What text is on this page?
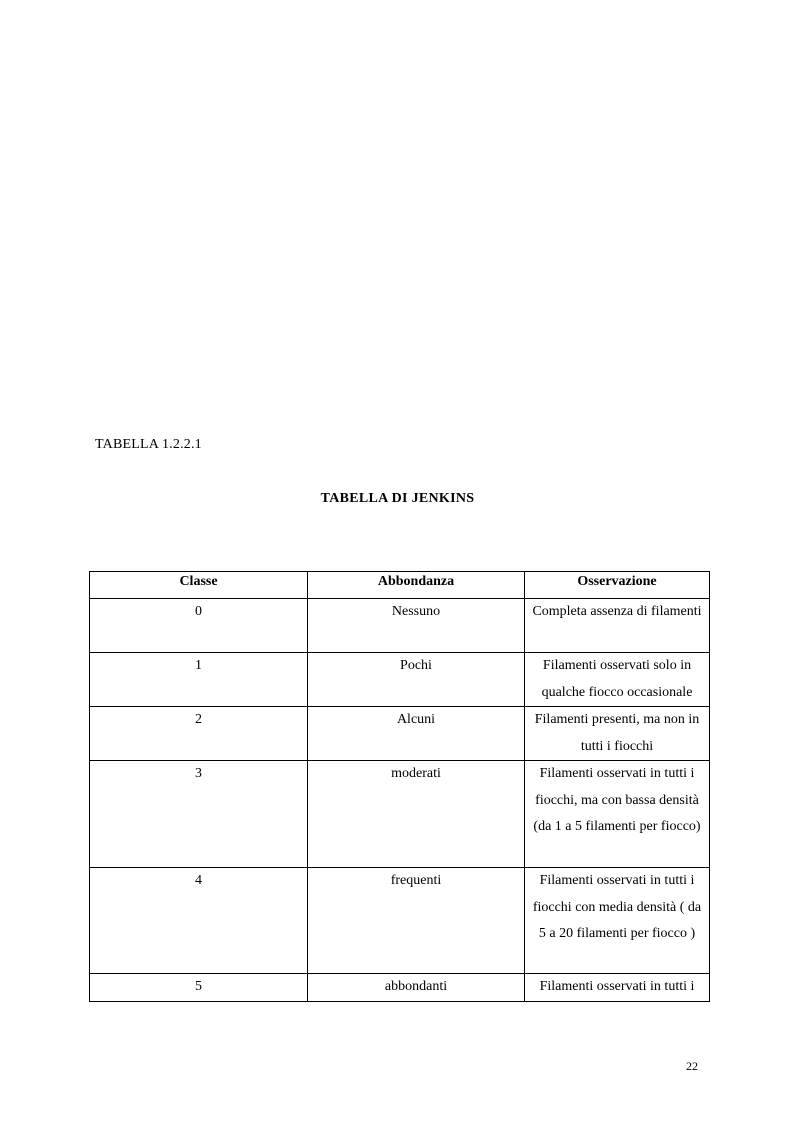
TABELLA 1.2.2.1
TABELLA DI JENKINS
Classe	Abbondanza	Osservazione
0	Nessuno	Completa assenza di filamenti
1	Pochi	Filamenti osservati solo in qualche fiocco occasionale
2	Alcuni	Filamenti presenti, ma non in tutti i fiocchi
3	moderati	Filamenti osservati in tutti i fiocchi, ma con bassa densità (da 1 a 5 filamenti per fiocco)
4	frequenti	Filamenti osservati in tutti i fiocchi con media densità ( da 5 a 20 filamenti per fiocco )
5	abbondanti	Filamenti osservati in tutti i
22
